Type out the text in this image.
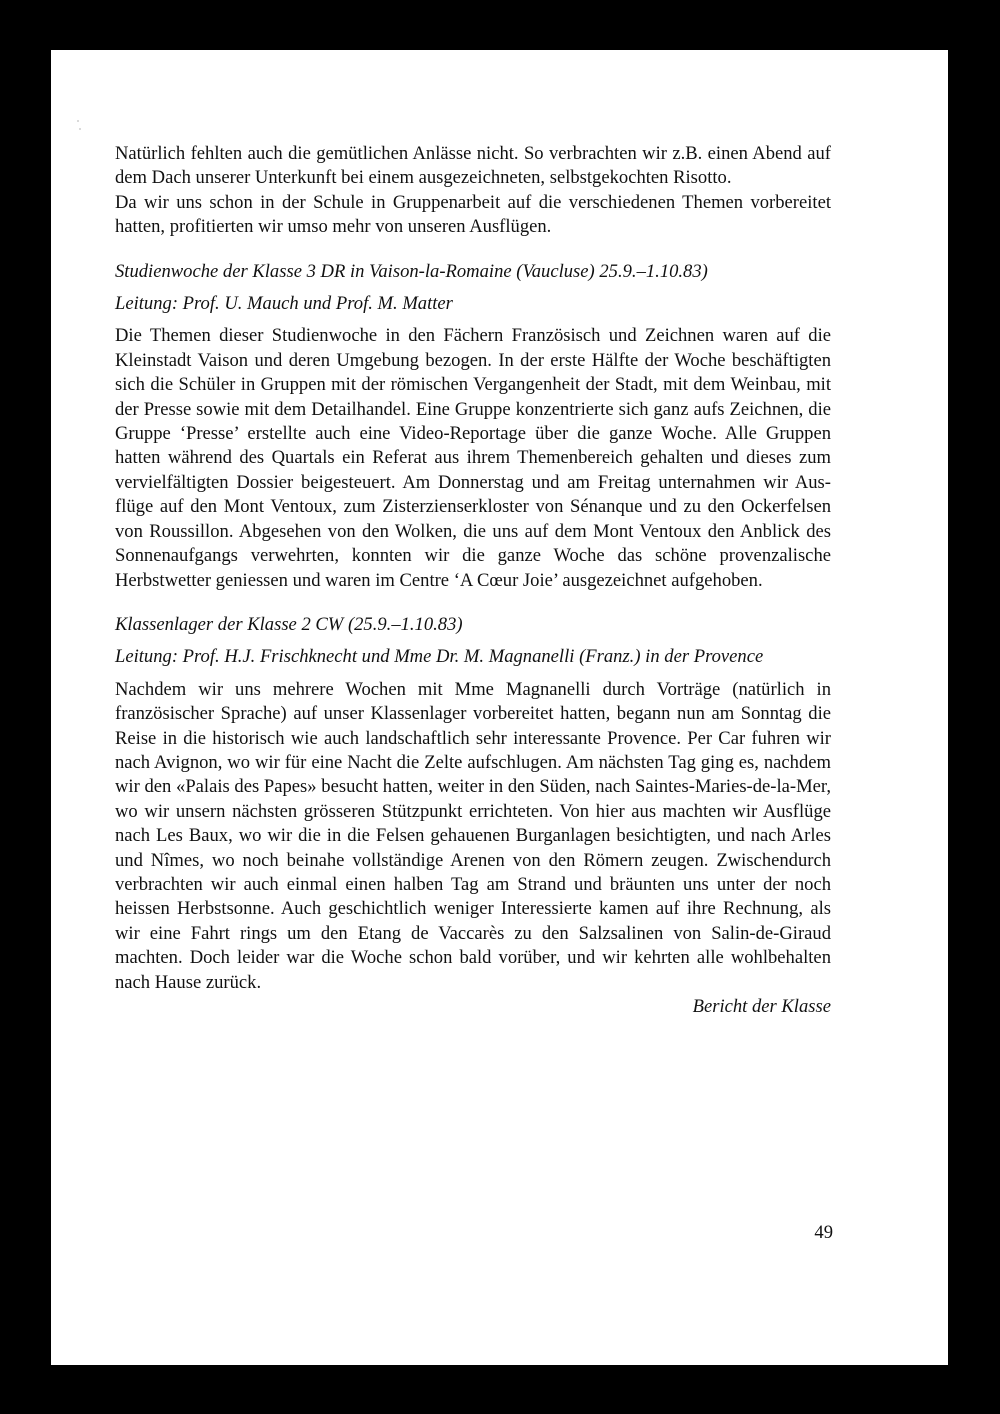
Natürlich fehlten auch die gemütlichen Anlässe nicht. So verbrachten wir z.B. einen Abend auf dem Dach unserer Unterkunft bei einem ausgezeichneten, selbstgekochten Risotto.

Da wir uns schon in der Schule in Gruppenarbeit auf die verschiedenen Themen vorbereitet hatten, profitierten wir umso mehr von unseren Ausflügen.

Studienwoche der Klasse 3 DR in Vaison-la-Romaine (Vaucluse) 25.9.–1.10.83)

Leitung: Prof. U. Mauch und Prof. M. Matter

Die Themen dieser Studienwoche in den Fächern Französisch und Zeichnen waren auf die Kleinstadt Vaison und deren Umgebung bezogen. In der erste Hälfte der Woche beschäftigten sich die Schüler in Gruppen mit der römischen Vergangenheit der Stadt, mit dem Weinbau, mit der Presse sowie mit dem Detailhandel. Eine Gruppe konzentrierte sich ganz aufs Zeichnen, die Gruppe ‘Presse’ erstellte auch eine Video-Reportage über die ganze Woche. Alle Gruppen hatten während des Quartals ein Referat aus ihrem Themenbereich gehalten und dieses zum vervielfältigten Dossier beigesteuert. Am Donnerstag und am Freitag unternahmen wir Ausflüge auf den Mont Ventoux, zum Zisterzienserkloster von Sénanque und zu den Ockerfelsen von Roussillon. Abgesehen von den Wolken, die uns auf dem Mont Ventoux den Anblick des Sonnenaufgangs verwehrten, konnten wir die ganze Woche das schöne provenzalische Herbstwetter geniessen und waren im Centre ‘A Cœur Joie’ ausgezeichnet aufgehoben.

Klassenlager der Klasse 2 CW (25.9.–1.10.83)

Leitung: Prof. H.J. Frischknecht und Mme Dr. M. Magnanelli (Franz.) in der Provence

Nachdem wir uns mehrere Wochen mit Mme Magnanelli durch Vorträge (natürlich in französischer Sprache) auf unser Klassenlager vorbereitet hatten, begann nun am Sonntag die Reise in die historisch wie auch landschaftlich sehr interessante Provence. Per Car fuhren wir nach Avignon, wo wir für eine Nacht die Zelte aufschlugen. Am nächsten Tag ging es, nachdem wir den «Palais des Papes» besucht hatten, weiter in den Süden, nach Saintes-Maries-de-la-Mer, wo wir unsern nächsten grösseren Stützpunkt errichteten. Von hier aus machten wir Ausflüge nach Les Baux, wo wir die in die Felsen gehauenen Burganlagen besichtigten, und nach Arles und Nîmes, wo noch beinahe vollständige Arenen von den Römern zeugen. Zwischendurch verbrachten wir auch einmal einen halben Tag am Strand und bräunten uns unter der noch heissen Herbstsonne. Auch geschichtlich weniger Interessierte kamen auf ihre Rechnung, als wir eine Fahrt rings um den Etang de Vaccarès zu den Salzsalinen von Salin-de-Giraud machten. Doch leider war die Woche schon bald vorüber, und wir kehrten alle wohlbehalten nach Hause zurück.

Bericht der Klasse

49
